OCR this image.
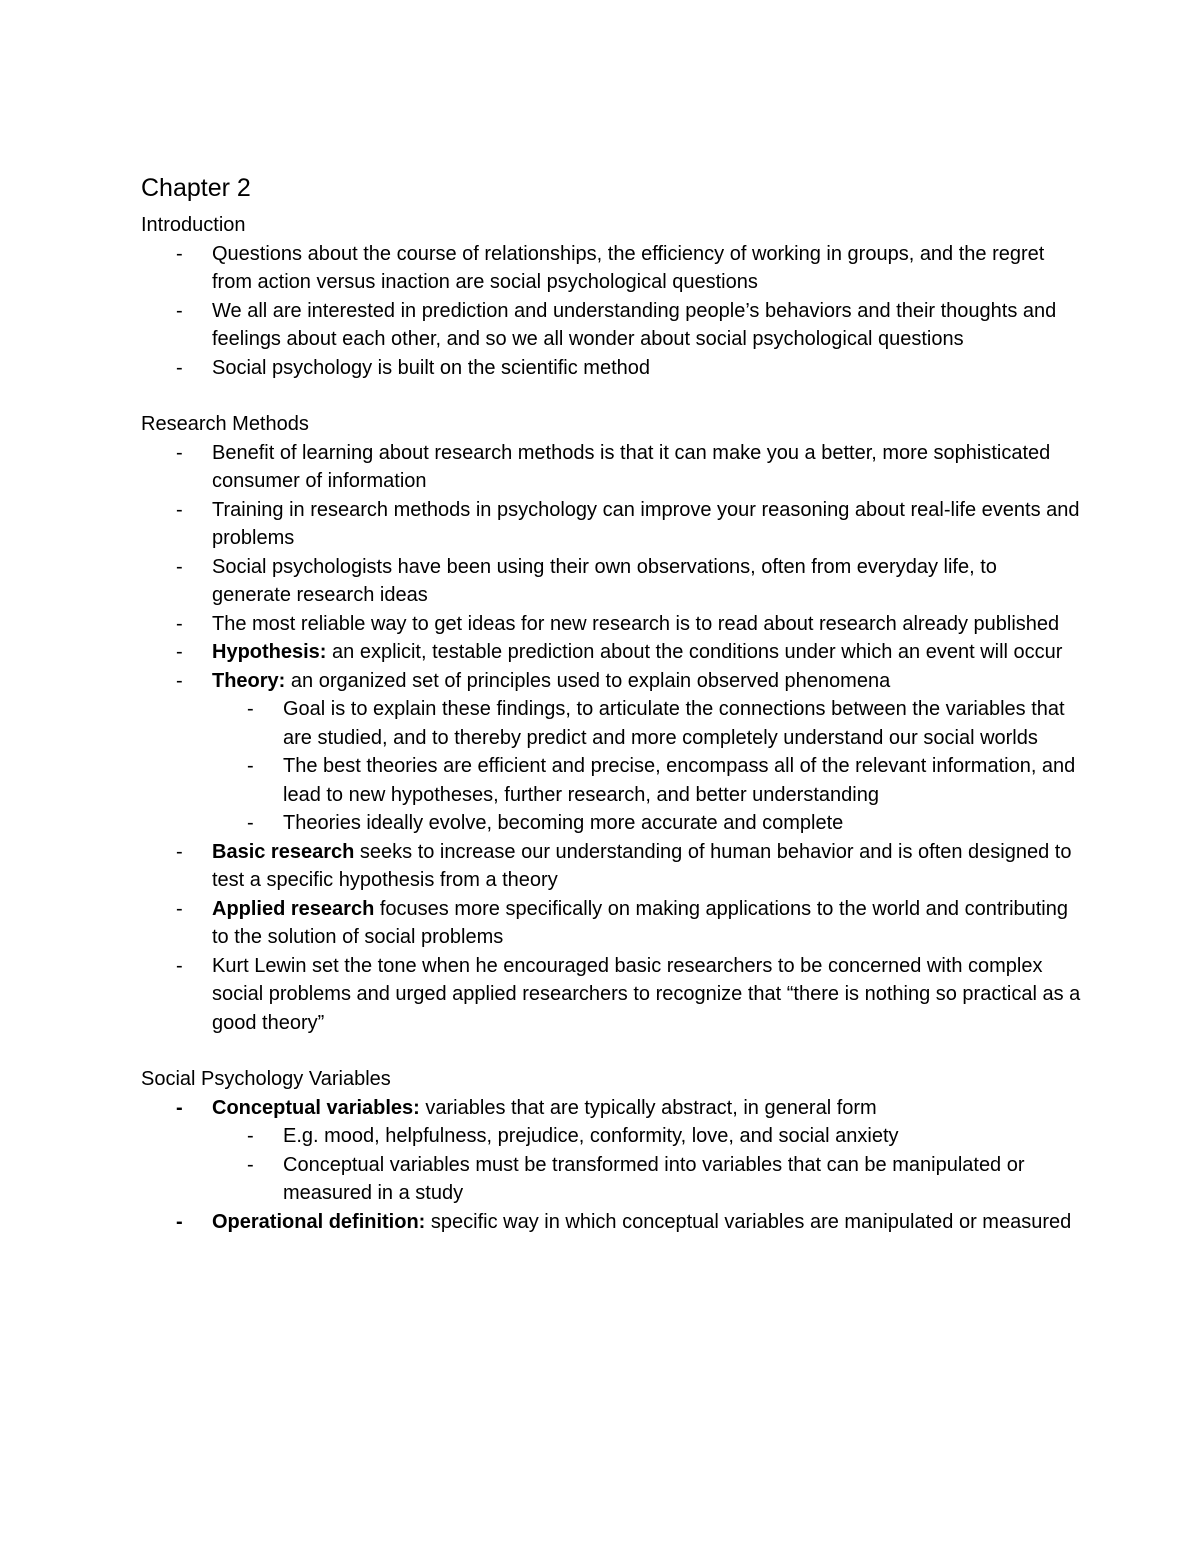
Chapter 2

Introduction

- Questions about the course of relationships, the efficiency of working in groups, and the regret from action versus inaction are social psychological questions
- We all are interested in prediction and understanding people’s behaviors and their thoughts and feelings about each other, and so we all wonder about social psychological questions
- Social psychology is built on the scientific method

Research Methods

- Benefit of learning about research methods is that it can make you a better, more sophisticated consumer of information
- Training in research methods in psychology can improve your reasoning about real-life events and problems
- Social psychologists have been using their own observations, often from everyday life, to generate research ideas
- The most reliable way to get ideas for new research is to read about research already published
- Hypothesis: an explicit, testable prediction about the conditions under which an event will occur
- Theory: an organized set of principles used to explain observed phenomena
- Goal is to explain these findings, to articulate the connections between the variables that are studied, and to thereby predict and more completely understand our social worlds
- The best theories are efficient and precise, encompass all of the relevant information, and lead to new hypotheses, further research, and better understanding
- Theories ideally evolve, becoming more accurate and complete
- Basic research seeks to increase our understanding of human behavior and is often designed to test a specific hypothesis from a theory
- Applied research focuses more specifically on making applications to the world and contributing to the solution of social problems
- Kurt Lewin set the tone when he encouraged basic researchers to be concerned with complex social problems and urged applied researchers to recognize that “there is nothing so practical as a good theory”

Social Psychology Variables

- Conceptual variables: variables that are typically abstract, in general form
- E.g. mood, helpfulness, prejudice, conformity, love, and social anxiety
- Conceptual variables must be transformed into variables that can be manipulated or measured in a study
- Operational definition: specific way in which conceptual variables are manipulated or measured
